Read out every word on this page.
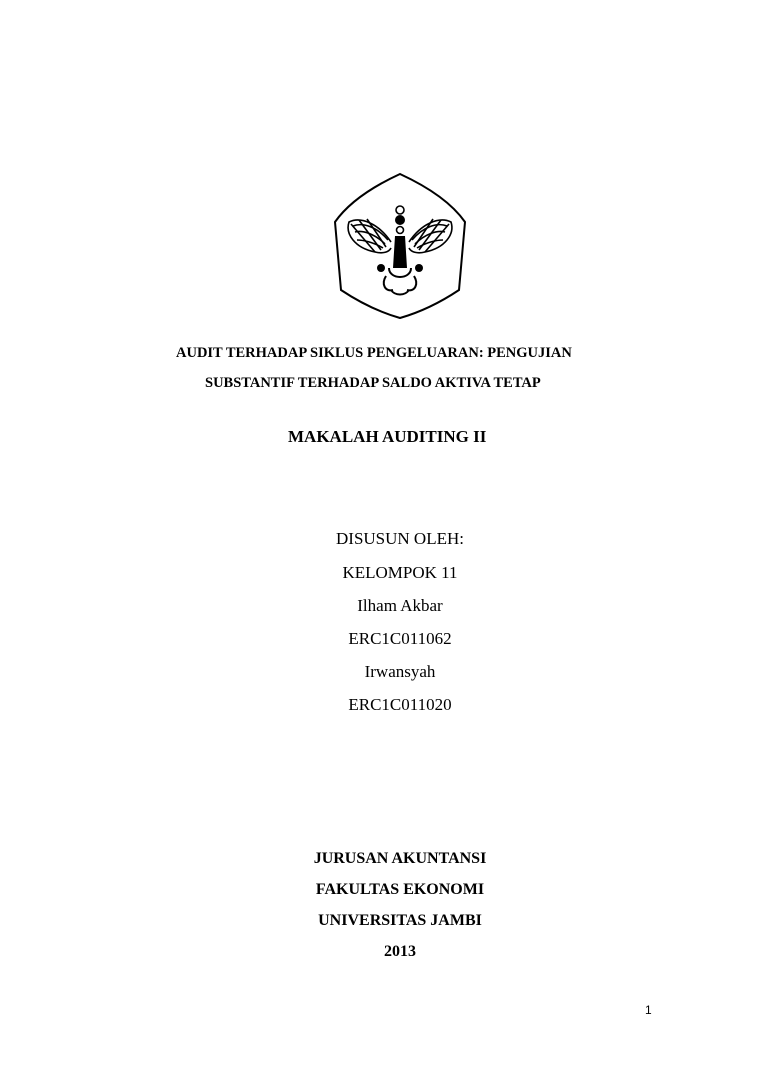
AUDIT TERHADAP SIKLUS PENGELUARAN: PENGUJIAN
SUBSTANTIF TERHADAP SALDO AKTIVA TETAP
MAKALAH AUDITING II
DISUSUN OLEH:
KELOMPOK 11
Ilham Akbar
ERC1C011062
Irwansyah
ERC1C011020
JURUSAN AKUNTANSI
FAKULTAS EKONOMI
UNIVERSITAS JAMBI
2013
1
